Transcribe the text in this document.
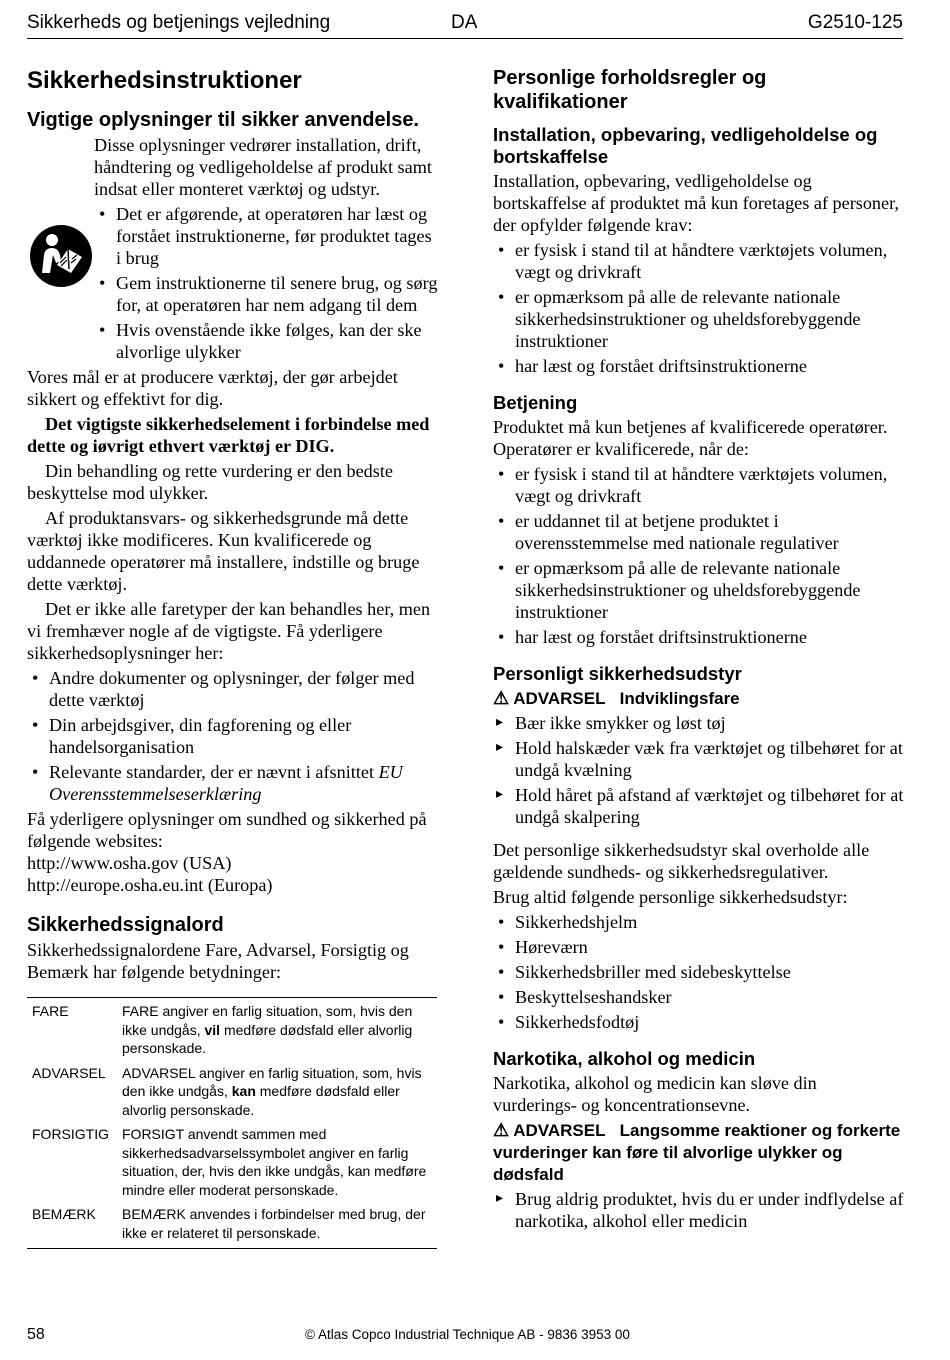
Sikkerheds og betjenings vejledning	DA	G2510-125
Sikkerhedsinstruktioner
Vigtige oplysninger til sikker anvendelse.

Disse oplysninger vedrører installation, drift, håndtering og vedligeholdelse af produkt samt indsat eller monteret værktøj og udstyr.

• Det er afgørende, at operatøren har læst og forstået instruktionerne, før produktet tages i brug
• Gem instruktionerne til senere brug, og sørg for, at operatøren har nem adgang til dem
• Hvis ovenstående ikke følges, kan der ske alvorlige ulykker

Vores mål er at producere værktøj, der gør arbejdet sikkert og effektivt for dig.

Det vigtigste sikkerhedselement i forbindelse med dette og iøvrigt ethvert værktøj er DIG.

Din behandling og rette vurdering er den bedste beskyttelse mod ulykker.

Af produktansvars- og sikkerhedsgrunde må dette værktøj ikke modificeres. Kun kvalificerede og uddannede operatører må installere, indstille og bruge dette værktøj.

Det er ikke alle faretyper der kan behandles her, men vi fremhæver nogle af de vigtigste. Få yderligere sikkerhedsoplysninger her:

• Andre dokumenter og oplysninger, der følger med dette værktøj
• Din arbejdsgiver, din fagforening og eller handelsorganisation
• Relevante standarder, der er nævnt i afsnittet EU Overensstemmelseserklæring

Få yderligere oplysninger om sundhed og sikkerhed på følgende websites:

http://www.osha.gov (USA)
http://europe.osha.eu.int (Europa)
Sikkerhedssignalord

Sikkerhedssignalordene Fare, Advarsel, Forsigtig og Bemærk har følgende betydninger:

FARE	FARE angiver en farlig situation, som, hvis den ikke undgås, vil medføre dødsfald eller alvorlig personskade.
ADVARSEL	ADVARSEL angiver en farlig situation, som, hvis den ikke undgås, kan medføre dødsfald eller alvorlig personskade.
FORSIGTIG	FORSIGT anvendt sammen med sikkerhedsadvarselssymbolet angiver en farlig situation, der, hvis den ikke undgås, kan medføre mindre eller moderat personskade.
BEMÆRK	BEMÆRK anvendes i forbindelser med brug, der ikke er relateret til personskade.
Personlige forholdsregler og kvalifikationer
Installation, opbevaring, vedligeholdelse og bortskaffelse

Installation, opbevaring, vedligeholdelse og bortskaffelse af produktet må kun foretages af personer, der opfylder følgende krav:

• er fysisk i stand til at håndtere værktøjets volumen, vægt og drivkraft
• er opmærksom på alle de relevante nationale sikkerhedsinstruktioner og uheldsforebyggende instruktioner
• har læst og forstået driftsinstruktionerne
Betjening

Produktet må kun betjenes af kvalificerede operatører. Operatører er kvalificerede, når de:

• er fysisk i stand til at håndtere værktøjets volumen, vægt og drivkraft
• er uddannet til at betjene produktet i overensstemmelse med nationale regulativer
• er opmærksom på alle de relevante nationale sikkerhedsinstruktioner og uheldsforebyggende instruktioner
• har læst og forstået driftsinstruktionerne
Personligt sikkerhedsudstyr
⚠ ADVARSEL Indviklingsfare
▸ Bær ikke smykker og løst tøj
▸ Hold halskæder væk fra værktøjet og tilbehøret for at undgå kvælning
▸ Hold håret på afstand af værktøjet og tilbehøret for at undgå skalpering

Det personlige sikkerhedsudstyr skal overholde alle gældende sundheds- og sikkerhedsregulativer.

Brug altid følgende personlige sikkerhedsudstyr:

• Sikkerhedshjelm
• Høreværn
• Sikkerhedsbriller med sidebeskyttelse
• Beskyttelseshandsker
• Sikkerhedsfodtøj
Narkotika, alkohol og medicin

Narkotika, alkohol og medicin kan sløve din vurderings- og koncentrationsevne.

⚠ ADVARSEL Langsomme reaktioner og forkerte vurderinger kan føre til alvorlige ulykker og dødsfald
▸ Brug aldrig produktet, hvis du er under indflydelse af narkotika, alkohol eller medicin
58	© Atlas Copco Industrial Technique AB - 9836 3953 00
